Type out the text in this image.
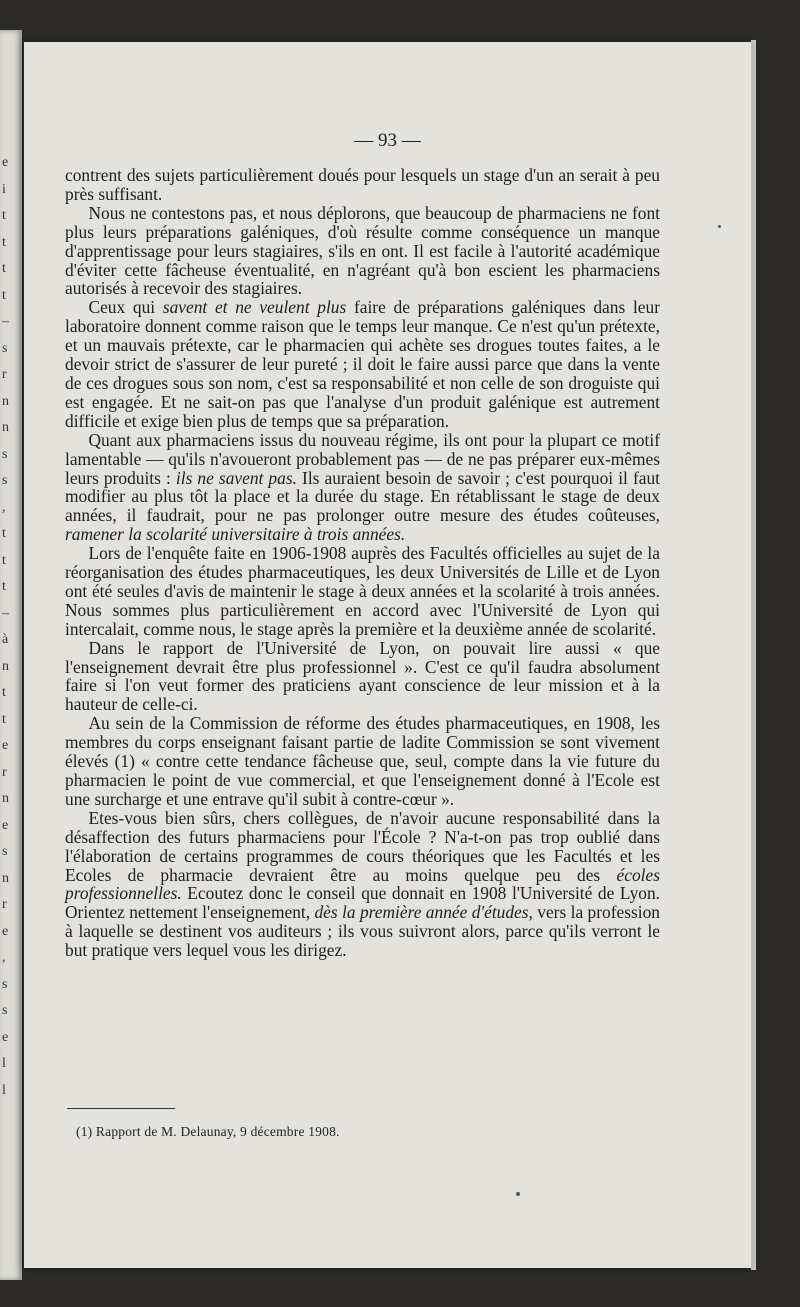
e
i
t
t
t
t
–
s
r
n
n
s
s
,
t
t
t
–
à
n
t
t
e
r
n
e
s
n
r
e
,
s
s
e
l
l
— 93 —

contrent des sujets particulièrement doués pour lesquels un stage d'un an serait à peu près suffisant.

Nous ne contestons pas, et nous déplorons, que beaucoup de pharmaciens ne font plus leurs préparations galéniques, d'où résulte comme conséquence un manque d'apprentissage pour leurs stagiaires, s'ils en ont. Il est facile à l'autorité académique d'éviter cette fâcheuse éventualité, en n'agréant qu'à bon escient les pharmaciens autorisés à recevoir des stagiaires.

Ceux qui savent et ne veulent plus faire de préparations galéniques dans leur laboratoire donnent comme raison que le temps leur manque. Ce n'est qu'un prétexte, et un mauvais prétexte, car le pharmacien qui achète ses drogues toutes faites, a le devoir strict de s'assurer de leur pureté ; il doit le faire aussi parce que dans la vente de ces drogues sous son nom, c'est sa responsabilité et non celle de son droguiste qui est engagée. Et ne sait-on pas que l'analyse d'un produit galénique est autrement difficile et exige bien plus de temps que sa préparation.

Quant aux pharmaciens issus du nouveau régime, ils ont pour la plupart ce motif lamentable — qu'ils n'avoueront probablement pas — de ne pas préparer eux-mêmes leurs produits : ils ne savent pas. Ils auraient besoin de savoir ; c'est pourquoi il faut modifier au plus tôt la place et la durée du stage. En rétablissant le stage de deux années, il faudrait, pour ne pas prolonger outre mesure des études coûteuses, ramener la scolarité universitaire à trois années.

Lors de l'enquête faite en 1906-1908 auprès des Facultés officielles au sujet de la réorganisation des études pharmaceutiques, les deux Universités de Lille et de Lyon ont été seules d'avis de maintenir le stage à deux années et la scolarité à trois années. Nous sommes plus particulièrement en accord avec l'Université de Lyon qui intercalait, comme nous, le stage après la première et la deuxième année de scolarité.

Dans le rapport de l'Université de Lyon, on pouvait lire aussi « que l'enseignement devrait être plus professionnel ». C'est ce qu'il faudra absolument faire si l'on veut former des praticiens ayant conscience de leur mission et à la hauteur de celle-ci.

Au sein de la Commission de réforme des études pharmaceutiques, en 1908, les membres du corps enseignant faisant partie de ladite Commission se sont vivement élevés (1) « contre cette tendance fâcheuse que, seul, compte dans la vie future du pharmacien le point de vue commercial, et que l'enseignement donné à l'Ecole est une surcharge et une entrave qu'il subit à contre-cœur ».

Etes-vous bien sûrs, chers collègues, de n'avoir aucune responsabilité dans la désaffection des futurs pharmaciens pour l'École ? N'a-t-on pas trop oublié dans l'élaboration de certains programmes de cours théoriques que les Facultés et les Ecoles de pharmacie devraient être au moins quelque peu des écoles professionnelles. Ecoutez donc le conseil que donnait en 1908 l'Université de Lyon. Orientez nettement l'enseignement, dès la première année d'études, vers la profession à laquelle se destinent vos auditeurs ; ils vous suivront alors, parce qu'ils verront le but pratique vers lequel vous les dirigez.

(1) Rapport de M. Delaunay, 9 décembre 1908.
